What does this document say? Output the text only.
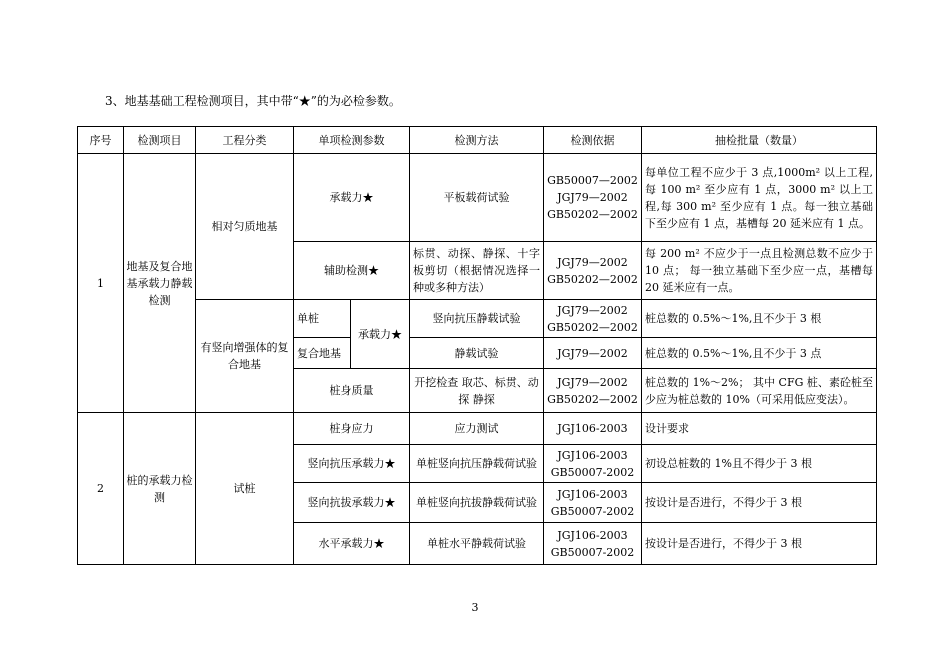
3、地基基础工程检测项目，其中带“★”的为必检参数。
序号	检测项目	工程分类	单项检测参数		检测方法	检测依据	抽检批量（数量）
1	地基及复合地基承载力静载检测	相对匀质地基	承载力★		平板载荷试验	GB50007—2002
JGJ79—2002
GB50202—2002	每单位工程不应少于 3 点,1000m² 以上工程,每 100 m² 至少应有 1 点，3000 m² 以上工程,每 300 m² 至少应有 1 点。每一独立基础下至少应有 1 点，基槽每 20 延米应有 1 点。
			辅助检测★		标贯、动探、静探、十字板剪切（根据情况选择一种或多种方法）	JGJ79—2002
GB50202—2002	每 200 m² 不应少于一点且检测总数不应少于 10 点； 每一独立基础下至少应一点，基槽每 20 延米应有一点。
		有竖向增强体的复合地基	单桩	承载力★	竖向抗压静载试验	JGJ79—2002
GB50202—2002	桩总数的 0.5%～1%,且不少于 3 根
			复合地基		静载试验	JGJ79—2002	桩总数的 0.5%～1%,且不少于 3 点
			桩身质量		开挖检查 取芯、标贯、动探 静探	JGJ79—2002
GB50202—2002	桩总数的 1%～2%； 其中 CFG 桩、素砼桩至少应为桩总数的 10%（可采用低应变法）。
2	桩的承载力检测	试桩	桩身应力		应力测试	JGJ106-2003	设计要求
			竖向抗压承载力★		单桩竖向抗压静载荷试验	JGJ106-2003
GB50007-2002	初设总桩数的 1%且不得少于 3 根
			竖向抗拔承载力★		单桩竖向抗拔静载荷试验	JGJ106-2003
GB50007-2002	按设计是否进行，不得少于 3 根
			水平承载力★		单桩水平静载荷试验	JGJ106-2003
GB50007-2002	按设计是否进行，不得少于 3 根
3
